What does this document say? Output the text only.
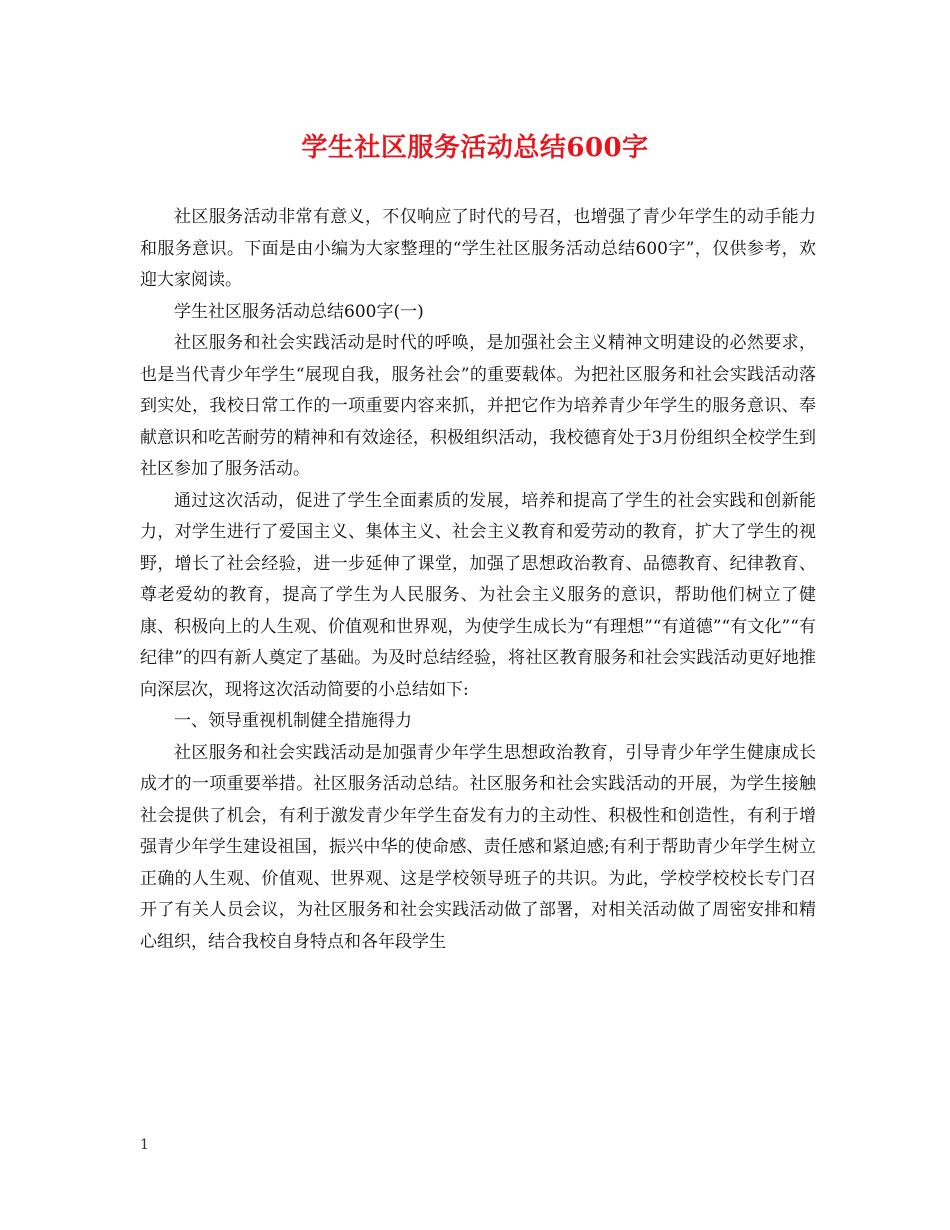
学生社区服务活动总结600字

社区服务活动非常有意义，不仅响应了时代的号召，也增强了青少年学生的动手能力和服务意识。下面是由小编为大家整理的“学生社区服务活动总结600字”，仅供参考，欢迎大家阅读。

学生社区服务活动总结600字(一)

社区服务和社会实践活动是时代的呼唤，是加强社会主义精神文明建设的必然要求，也是当代青少年学生“展现自我，服务社会”的重要载体。为把社区服务和社会实践活动落到实处，我校日常工作的一项重要内容来抓，并把它作为培养青少年学生的服务意识、奉献意识和吃苦耐劳的精神和有效途径，积极组织活动，我校德育处于3月份组织全校学生到社区参加了服务活动。

通过这次活动，促进了学生全面素质的发展，培养和提高了学生的社会实践和创新能力，对学生进行了爱国主义、集体主义、社会主义教育和爱劳动的教育，扩大了学生的视野，增长了社会经验，进一步延伸了课堂，加强了思想政治教育、品德教育、纪律教育、尊老爱幼的教育，提高了学生为人民服务、为社会主义服务的意识，帮助他们树立了健康、积极向上的人生观、价值观和世界观，为使学生成长为“有理想”“有道德”“有文化”“有纪律”的四有新人奠定了基础。为及时总结经验，将社区教育服务和社会实践活动更好地推向深层次，现将这次活动简要的小总结如下:

一、领导重视机制健全措施得力

社区服务和社会实践活动是加强青少年学生思想政治教育，引导青少年学生健康成长成才的一项重要举措。社区服务活动总结。社区服务和社会实践活动的开展，为学生接触社会提供了机会，有利于激发青少年学生奋发有力的主动性、积极性和创造性，有利于增强青少年学生建设祖国，振兴中华的使命感、责任感和紧迫感;有利于帮助青少年学生树立正确的人生观、价值观、世界观、这是学校领导班子的共识。为此，学校学校校长专门召开了有关人员会议，为社区服务和社会实践活动做了部署，对相关活动做了周密安排和精心组织，结合我校自身特点和各年段学生

1
